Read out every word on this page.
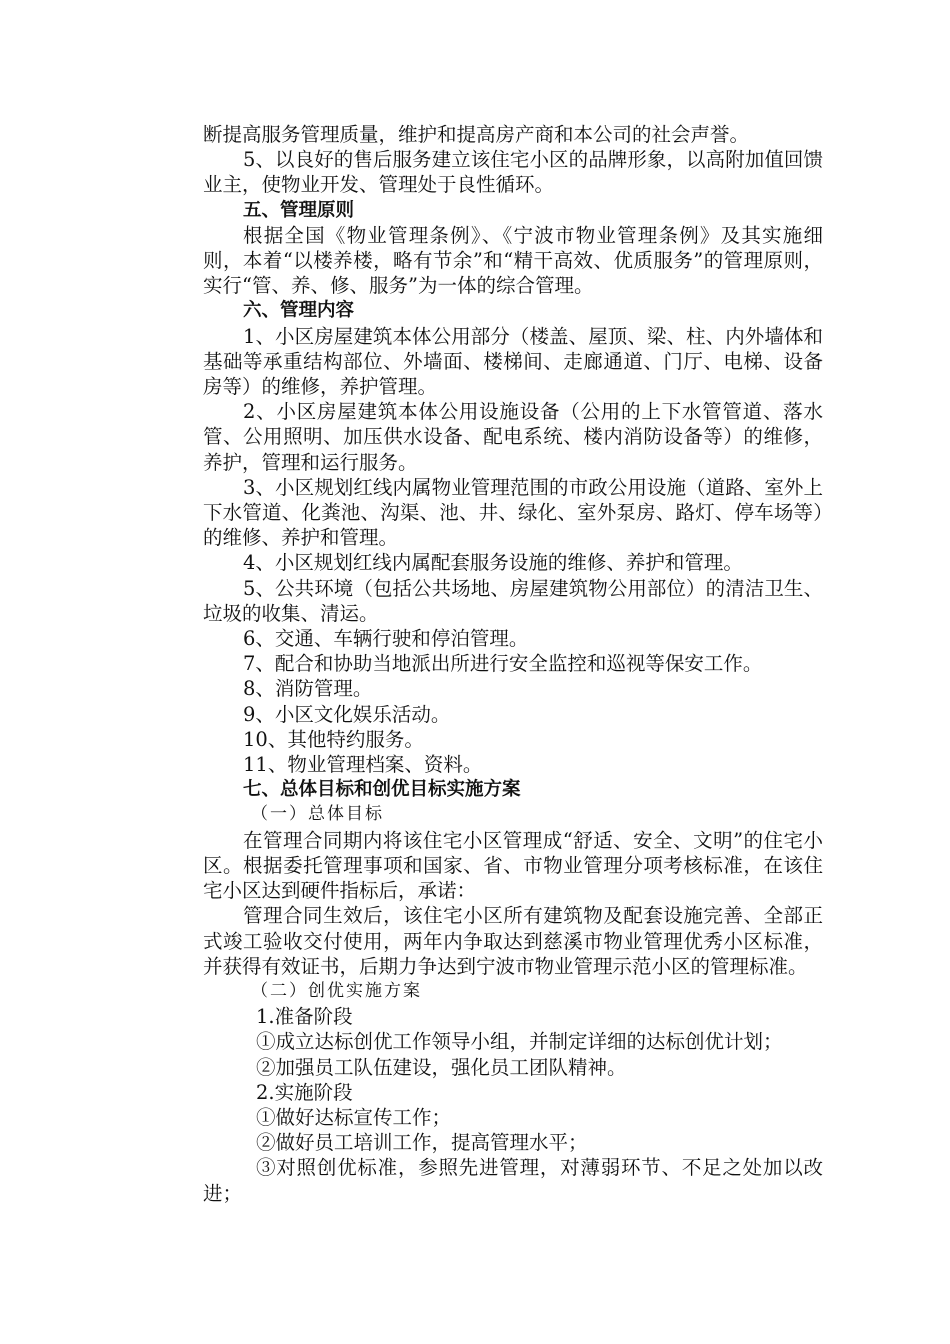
断提高服务管理质量，维护和提高房产商和本公司的社会声誉。

5、以良好的售后服务建立该住宅小区的品牌形象，以高附加值回馈业主，使物业开发、管理处于良性循环。

五、管理原则

根据全国《物业管理条例》、《宁波市物业管理条例》及其实施细则，本着“以楼养楼，略有节余”和“精干高效、优质服务”的管理原则，实行“管、养、修、服务”为一体的综合管理。

六、管理内容

1、小区房屋建筑本体公用部分（楼盖、屋顶、梁、柱、内外墙体和基础等承重结构部位、外墙面、楼梯间、走廊通道、门厅、电梯、设备房等）的维修，养护管理。

2、小区房屋建筑本体公用设施设备（公用的上下水管管道、落水管、公用照明、加压供水设备、配电系统、楼内消防设备等）的维修，养护，管理和运行服务。

3、小区规划红线内属物业管理范围的市政公用设施（道路、室外上下水管道、化粪池、沟渠、池、井、绿化、室外泵房、路灯、停车场等）的维修、养护和管理。

4、小区规划红线内属配套服务设施的维修、养护和管理。

5、公共环境（包括公共场地、房屋建筑物公用部位）的清洁卫生、垃圾的收集、清运。

6、交通、车辆行驶和停泊管理。

7、配合和协助当地派出所进行安全监控和巡视等保安工作。

8、消防管理。

9、小区文化娱乐活动。

10、其他特约服务。

11、物业管理档案、资料。

七、总体目标和创优目标实施方案

（一）总体目标

在管理合同期内将该住宅小区管理成“舒适、安全、文明”的住宅小区。根据委托管理事项和国家、省、市物业管理分项考核标准，在该住宅小区达到硬件指标后，承诺：

管理合同生效后，该住宅小区所有建筑物及配套设施完善、全部正式竣工验收交付使用，两年内争取达到慈溪市物业管理优秀小区标准，并获得有效证书，后期力争达到宁波市物业管理示范小区的管理标准。

（二）创优实施方案

1.准备阶段

①成立达标创优工作领导小组，并制定详细的达标创优计划；

②加强员工队伍建设，强化员工团队精神。

2.实施阶段

①做好达标宣传工作；

②做好员工培训工作，提高管理水平；

③对照创优标准，参照先进管理，对薄弱环节、不足之处加以改进；
